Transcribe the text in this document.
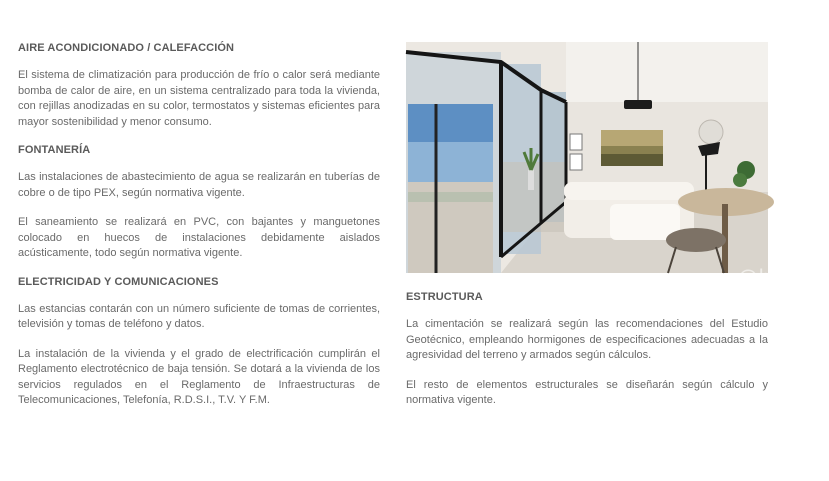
AIRE ACONDICIONADO / CALEFACCIÓN

El sistema de climatización para producción de frío o calor será mediante bomba de calor de aire, en un sistema centralizado para toda la vivienda, con rejillas anodizadas en su color, termostatos y sistemas eficientes para mayor sostenibilidad y menor consumo.

FONTANERÍA

Las instalaciones de abastecimiento de agua se realizarán en tuberías de cobre o de tipo PEX, según normativa vigente.

El saneamiento se realizará en PVC, con bajantes y manguetones colocado en huecos de instalaciones debidamente aislados acústicamente, todo según normativa vigente.

ELECTRICIDAD Y COMUNICACIONES

Las estancias contarán con un número suficiente de tomas de corrientes, televisión y tomas de teléfono y datos.

La instalación de la vivienda y el grado de electrificación cumplirán el Reglamento electrotécnico de baja tensión. Se dotará a la vivienda de los servicios regulados en el Reglamento de Infraestructuras de Telecomunicaciones, Telefonía, R.D.S.I., T.V. Y F.M.

@bitacia
ESTRUCTURA

La cimentación se realizará según las recomendaciones del Estudio Geotécnico, empleando hormigones de especificaciones adecuadas a la agresividad del terreno y armados según cálculos.

El resto de elementos estructurales se diseñarán según cálculo y normativa vigente.
